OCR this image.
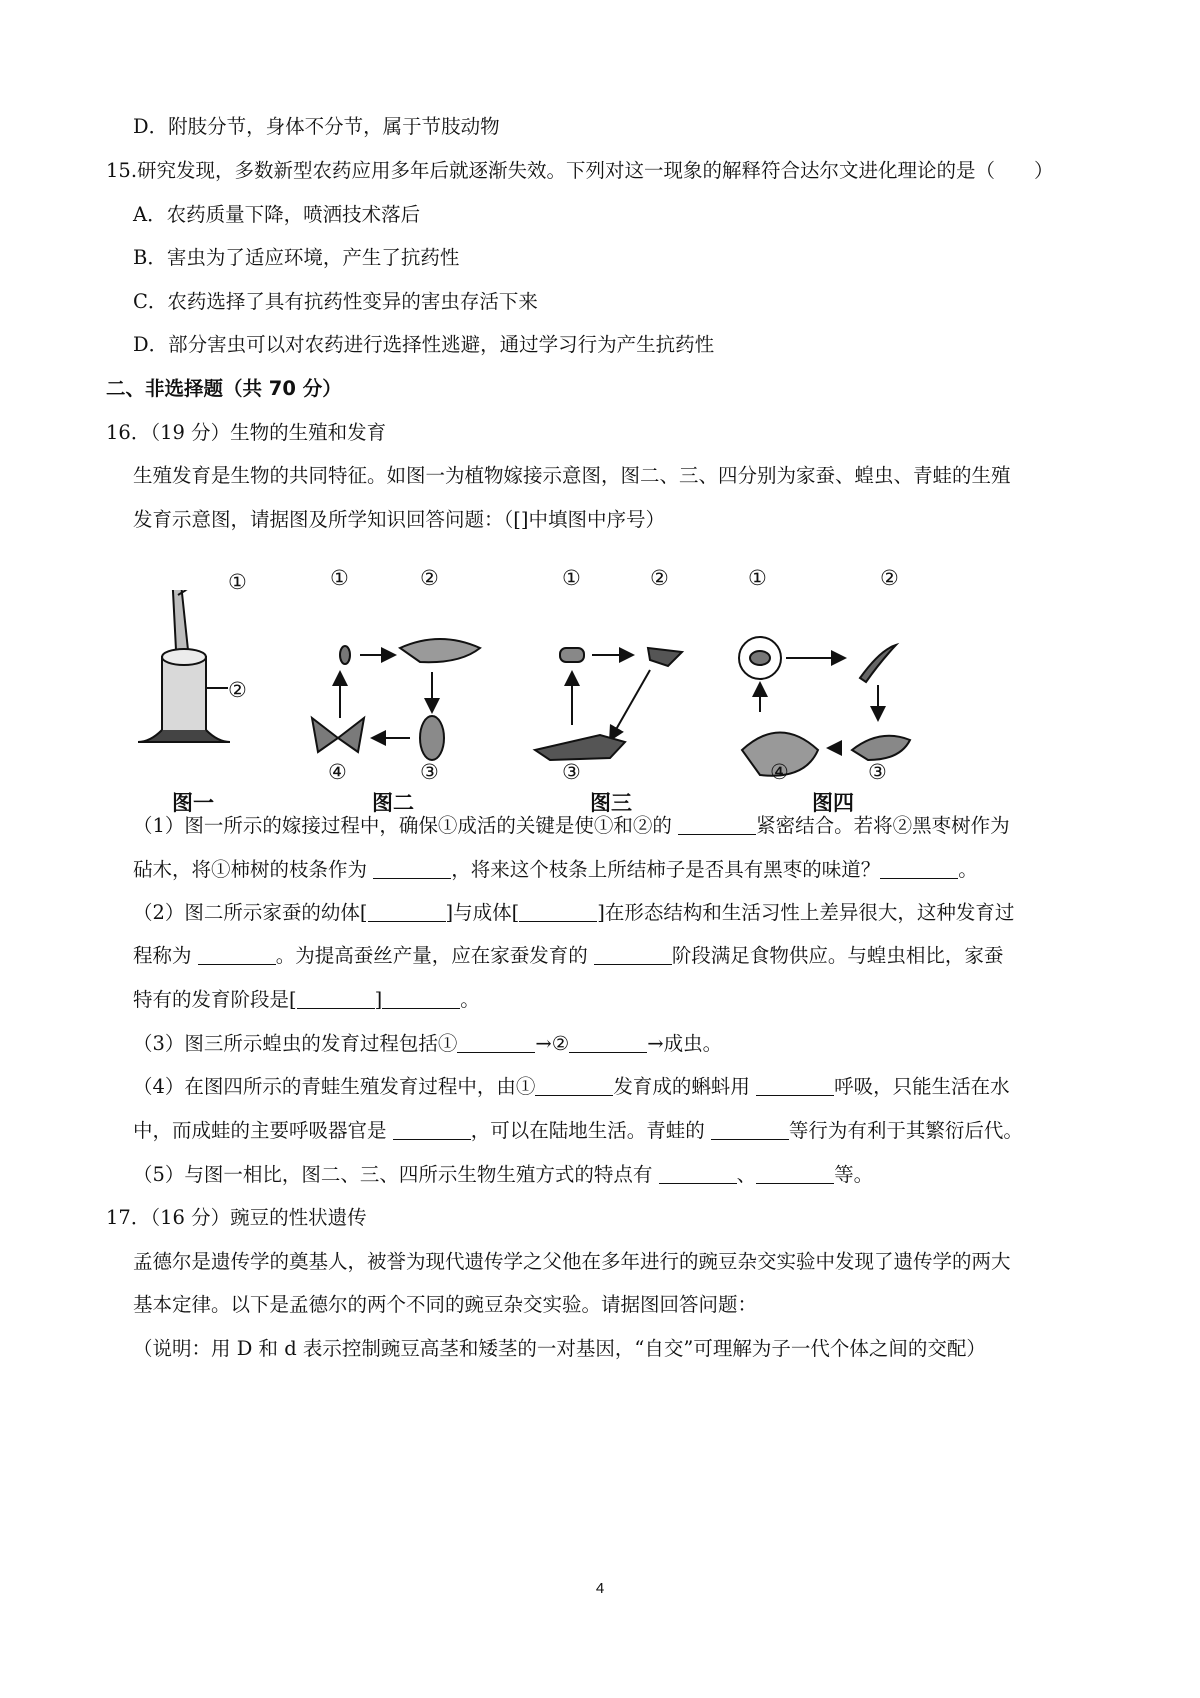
D．附肢分节，身体不分节，属于节肢动物
15.研究发现，多数新型农药应用多年后就逐渐失效。下列对这一现象的解释符合达尔文进化理论的是（　　）
A．农药质量下降，喷洒技术落后
B．害虫为了适应环境，产生了抗药性
C．农药选择了具有抗药性变异的害虫存活下来
D．部分害虫可以对农药进行选择性逃避，通过学习行为产生抗药性
二、非选择题（共 70 分）
16．（19 分）生物的生殖和发育
生殖发育是生物的共同特征。如图一为植物嫁接示意图，图二、三、四分别为家蚕、蝗虫、青蛙的生殖
发育示意图，请据图及所学知识回答问题：（[]中填图中序号）
①
②
①	②
③
④
①	②
③
①	②
③
④
图一	图二	图三	图四
（1）图一所示的嫁接过程中，确保①成活的关键是使①和②的	紧密结合。若将②黑枣树作为
砧木，将①柿树的枝条作为	，将来这个枝条上所结柿子是否具有黑枣的味道？	。
（2）图二所示家蚕的幼体[	]与成体[	]在形态结构和生活习性上差异很大，这种发育过
程称为	。为提高蚕丝产量，应在家蚕发育的	阶段满足食物供应。与蝗虫相比，家蚕
特有的发育阶段是[	]	。
（3）图三所示蝗虫的发育过程包括①	→②	→成虫。
（4）在图四所示的青蛙生殖发育过程中，由①	发育成的蝌蚪用	呼吸，只能生活在水
中，而成蛙的主要呼吸器官是	，可以在陆地生活。青蛙的	等行为有利于其繁衍后代。
（5）与图一相比，图二、三、四所示生物生殖方式的特点有	、	等。
17．（16 分）豌豆的性状遗传
孟德尔是遗传学的奠基人，被誉为现代遗传学之父他在多年进行的豌豆杂交实验中发现了遗传学的两大
基本定律。以下是孟德尔的两个不同的豌豆杂交实验。请据图回答问题：
（说明：用 D 和 d 表示控制豌豆高茎和矮茎的一对基因，“自交”可理解为子一代个体之间的交配）
4
